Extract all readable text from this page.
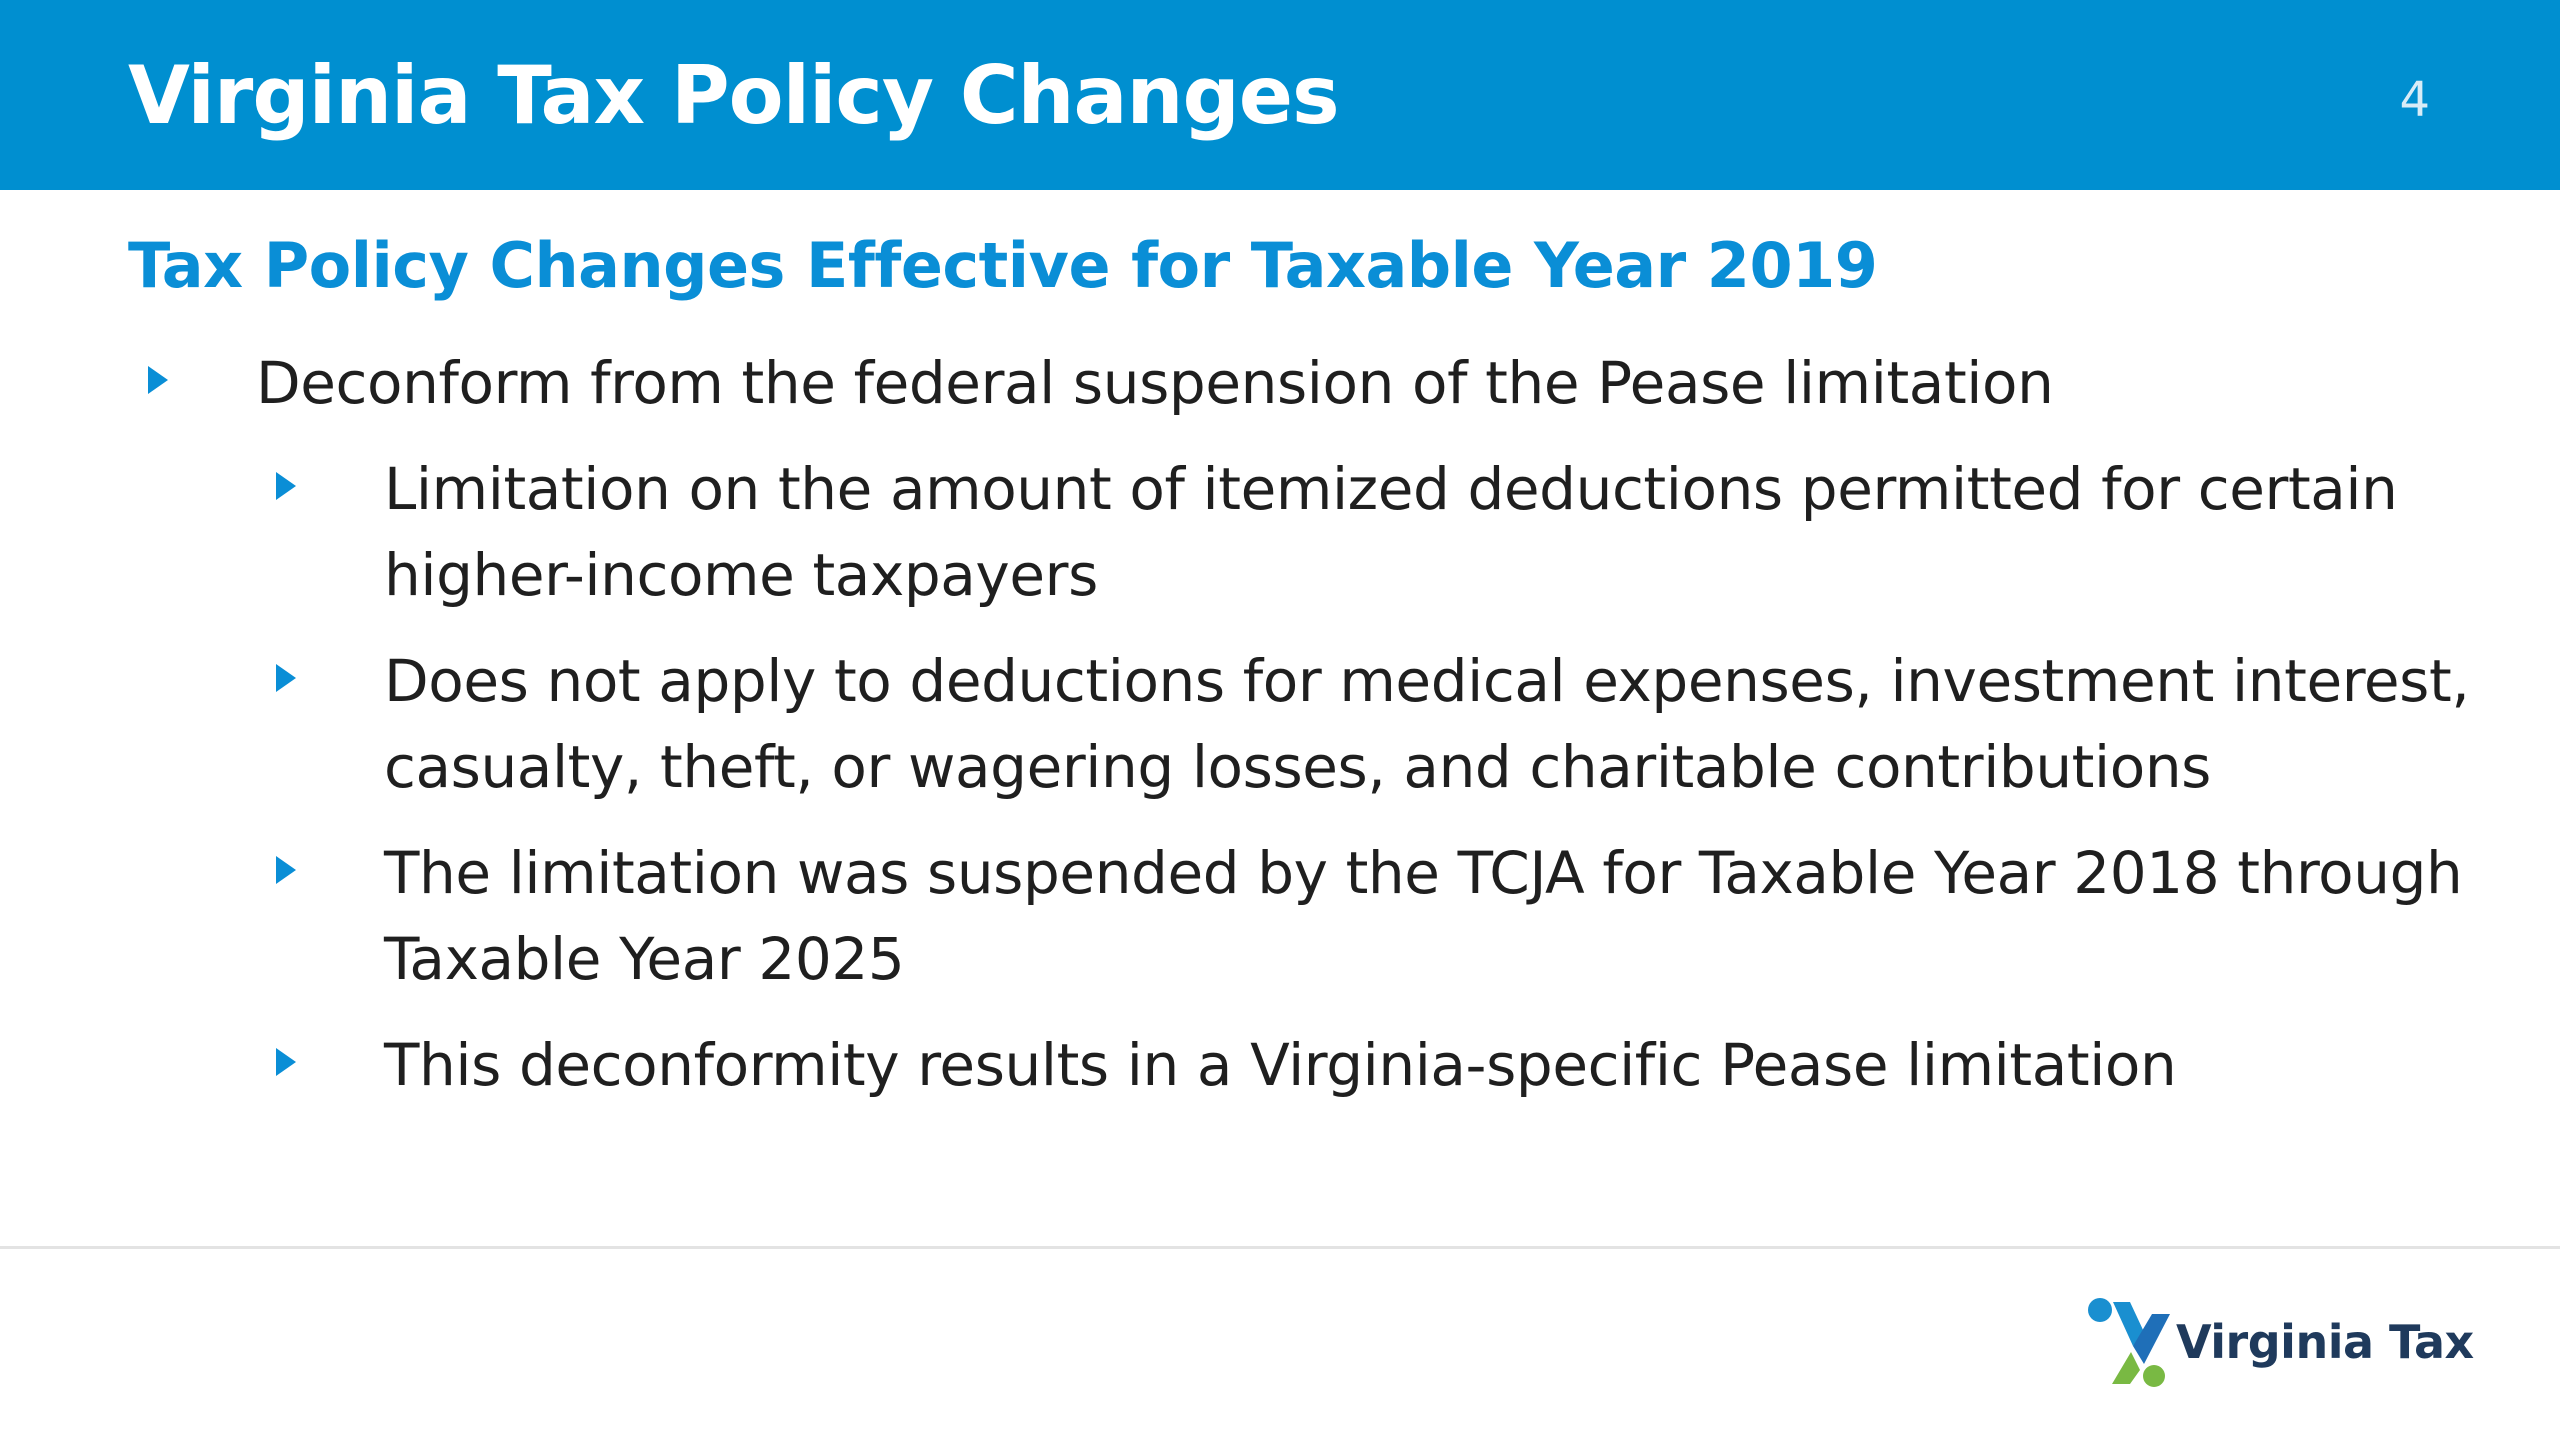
Virginia Tax Policy Changes	4
Tax Policy Changes Effective for Taxable Year 2019
Deconform from the federal suspension of the Pease limitation
Limitation on the amount of itemized deductions permitted for certain higher-income taxpayers
Does not apply to deductions for medical expenses, investment interest, casualty, theft, or wagering losses, and charitable contributions
The limitation was suspended by the TCJA for Taxable Year 2018 through Taxable Year 2025
This deconformity results in a Virginia-specific Pease limitation
Virginia Tax
